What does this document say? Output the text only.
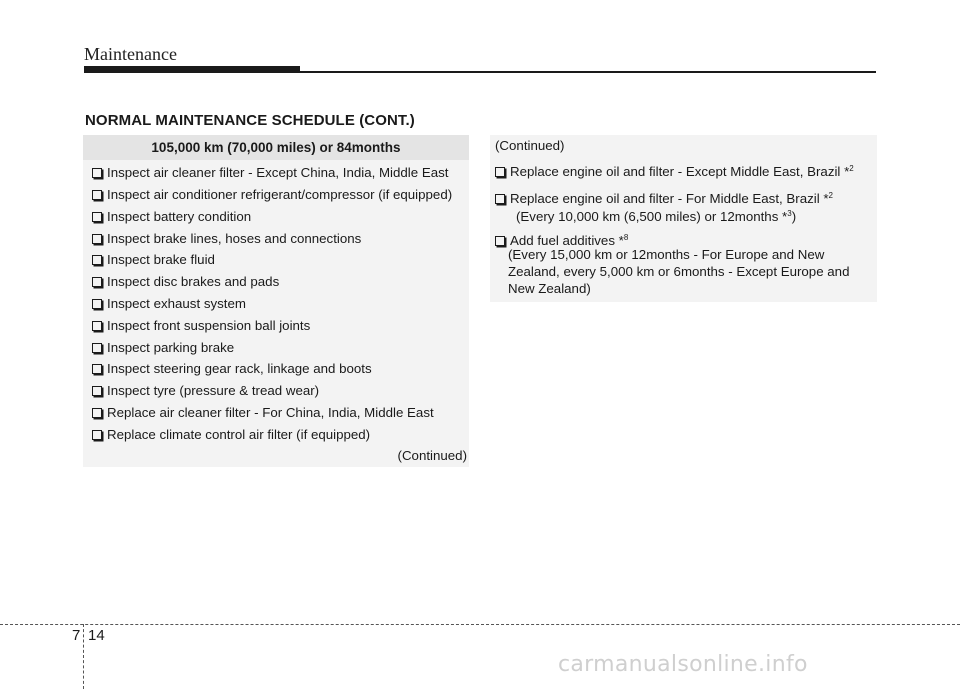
Maintenance
NORMAL MAINTENANCE SCHEDULE (CONT.)
105,000 km (70,000 miles) or 84months
Inspect air cleaner filter - Except China, India, Middle East
Inspect air conditioner refrigerant/compressor (if equipped)
Inspect battery condition
Inspect brake lines, hoses and connections
Inspect brake fluid
Inspect disc brakes and pads
Inspect exhaust system
Inspect front suspension ball joints
Inspect parking brake
Inspect steering gear rack, linkage and boots
Inspect tyre (pressure & tread wear)
Replace air cleaner filter - For China, India, Middle East
Replace climate control air filter (if equipped)
(Continued)
(Continued)
Replace engine oil and filter - Except Middle East, Brazil *$^2$
Replace engine oil and filter - For Middle East, Brazil *$^2$
(Every 10,000 km (6,500 miles) or 12months *$^3$)
Add fuel additives *$^8$
(Every 15,000 km or 12months - For Europe and New
Zealand, every 5,000 km or 6months - Except Europe and
New Zealand)
7 14
carmanualsonline.info
